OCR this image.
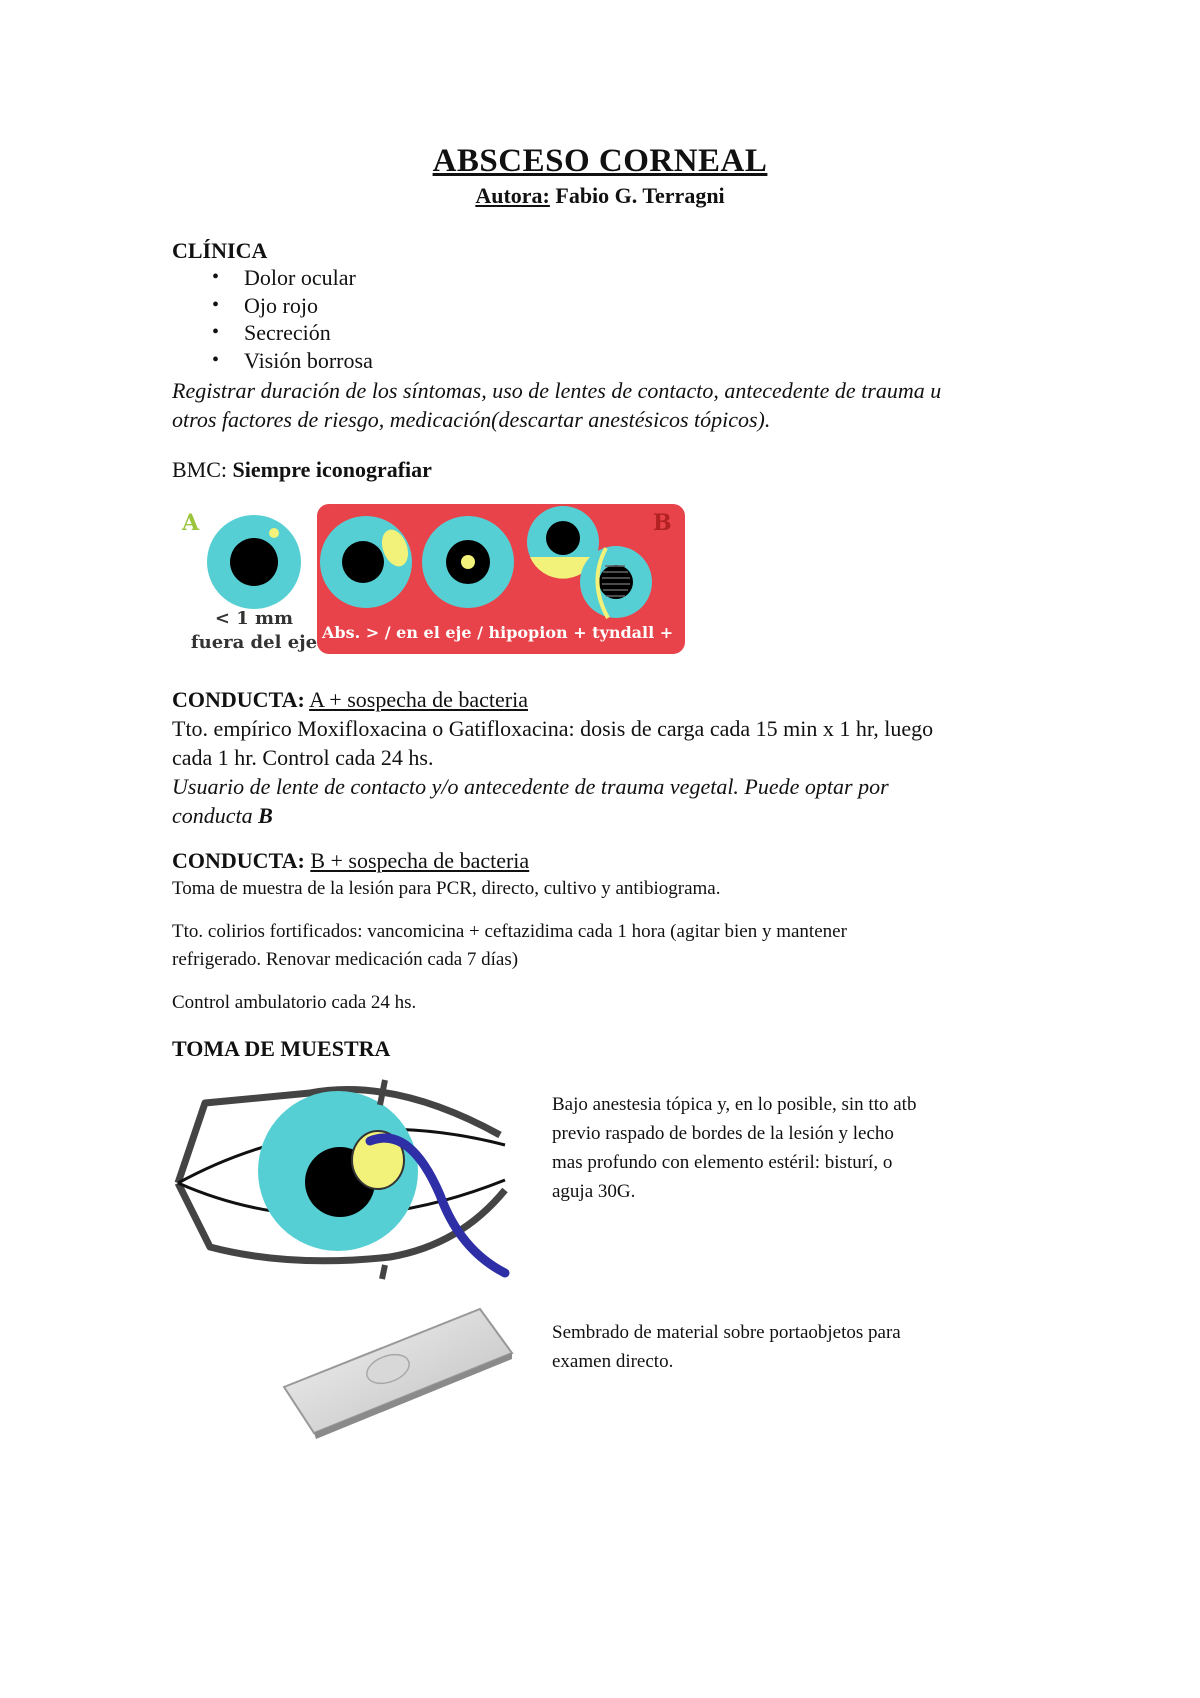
ABSCESO CORNEAL
Autora: Fabio G. Terragni
CLÍNICA
• Dolor ocular
• Ojo rojo
• Secreción
• Visión borrosa
Registrar duración de los síntomas, uso de lentes de contacto, antecedente de trauma u
otros factores de riesgo, medicación(descartar anestésicos tópicos).
BMC: Siempre iconografiar
A
< 1 mm
fuera del eje
B
Abs. > / en el eje / hipopion + tyndall +
CONDUCTA: A + sospecha de bacteria
Tto. empírico Moxifloxacina o Gatifloxacina: dosis de carga cada 15 min x 1 hr, luego
cada 1 hr. Control cada 24 hs.
Usuario de lente de contacto y/o antecedente de trauma vegetal. Puede optar por
conducta B
CONDUCTA: B + sospecha de bacteria
Toma de muestra de la lesión para PCR, directo, cultivo y antibiograma.
Tto. colirios fortificados: vancomicina + ceftazidima cada 1 hora (agitar bien y mantener
refrigerado. Renovar medicación cada 7 días)
Control ambulatorio cada 24 hs.
TOMA DE MUESTRA
Bajo anestesia tópica y, en lo posible, sin tto atb
previo raspado de bordes de la lesión y lecho
mas profundo con elemento estéril: bisturí, o
aguja 30G.
Sembrado de material sobre portaobjetos para
examen directo.
